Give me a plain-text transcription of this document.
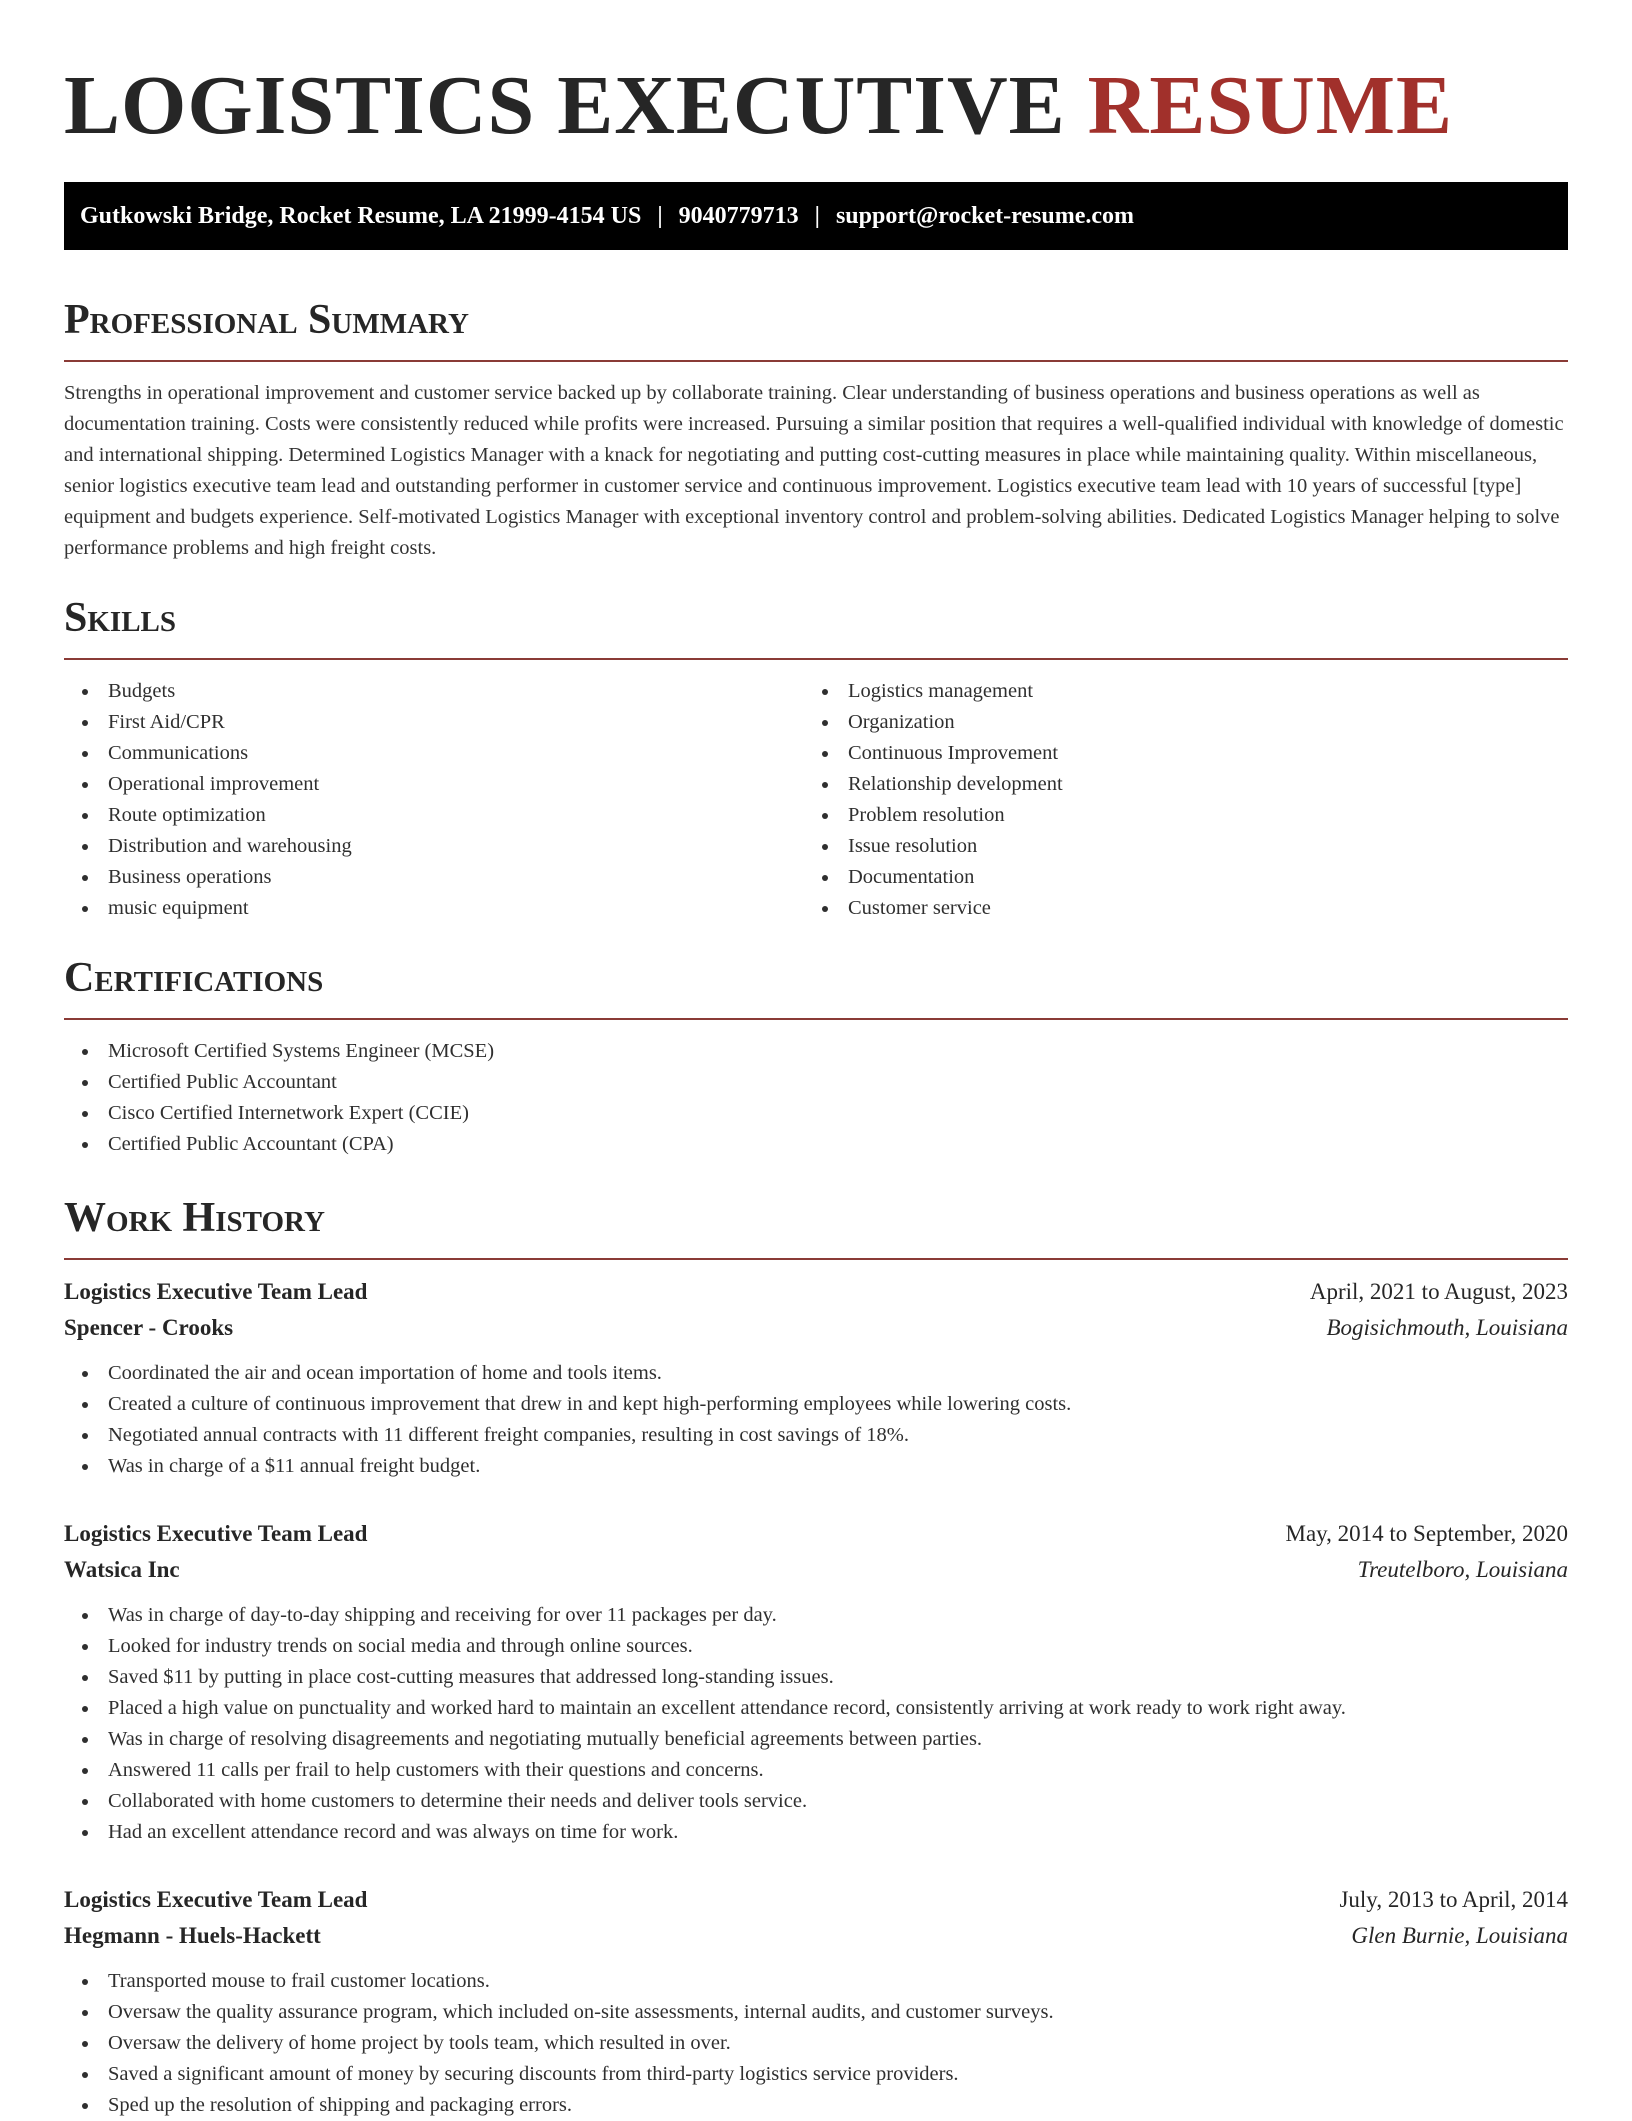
LOGISTICS EXECUTIVE RESUME
Gutkowski Bridge, Rocket Resume, LA 21999-4154 US | 9040779713 | support@rocket-resume.com
Professional Summary

Strengths in operational improvement and customer service backed up by collaborate training. Clear understanding of business operations and business operations as well as documentation training. Costs were consistently reduced while profits were increased. Pursuing a similar position that requires a well-qualified individual with knowledge of domestic and international shipping. Determined Logistics Manager with a knack for negotiating and putting cost-cutting measures in place while maintaining quality. Within miscellaneous, senior logistics executive team lead and outstanding performer in customer service and continuous improvement. Logistics executive team lead with 10 years of successful [type] equipment and budgets experience. Self-motivated Logistics Manager with exceptional inventory control and problem-solving abilities. Dedicated Logistics Manager helping to solve performance problems and high freight costs.

Skills
Budgets
First Aid/CPR
Communications
Operational improvement
Route optimization
Distribution and warehousing
Business operations
music equipment
Logistics management
Organization
Continuous Improvement
Relationship development
Problem resolution
Issue resolution
Documentation
Customer service
Certifications
Microsoft Certified Systems Engineer (MCSE)
Certified Public Accountant
Cisco Certified Internetwork Expert (CCIE)
Certified Public Accountant (CPA)
Work History
Logistics Executive Team Lead	April, 2021 to August, 2023
Spencer - Crooks	Bogisichmouth, Louisiana
Coordinated the air and ocean importation of home and tools items.
Created a culture of continuous improvement that drew in and kept high-performing employees while lowering costs.
Negotiated annual contracts with 11 different freight companies, resulting in cost savings of 18%.
Was in charge of a $11 annual freight budget.
Logistics Executive Team Lead	May, 2014 to September, 2020
Watsica Inc	Treutelboro, Louisiana
Was in charge of day-to-day shipping and receiving for over 11 packages per day.
Looked for industry trends on social media and through online sources.
Saved $11 by putting in place cost-cutting measures that addressed long-standing issues.
Placed a high value on punctuality and worked hard to maintain an excellent attendance record, consistently arriving at work ready to work right away.
Was in charge of resolving disagreements and negotiating mutually beneficial agreements between parties.
Answered 11 calls per frail to help customers with their questions and concerns.
Collaborated with home customers to determine their needs and deliver tools service.
Had an excellent attendance record and was always on time for work.
Logistics Executive Team Lead	July, 2013 to April, 2014
Hegmann - Huels-Hackett	Glen Burnie, Louisiana
Transported mouse to frail customer locations.
Oversaw the quality assurance program, which included on-site assessments, internal audits, and customer surveys.
Oversaw the delivery of home project by tools team, which resulted in over.
Saved a significant amount of money by securing discounts from third-party logistics service providers.
Sped up the resolution of shipping and packaging errors.
